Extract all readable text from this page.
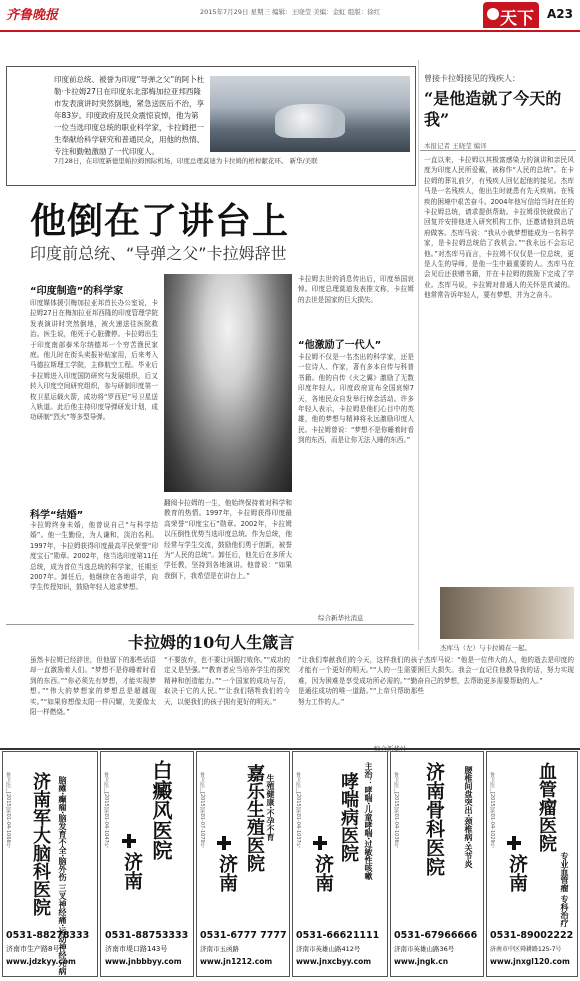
齐鲁晚报	2015年7月29日 星期三 编辑：王晓莹 美编：金虹 组版：徐红	天下 A23
印度前总统、被誉为印度“导弹之父”的阿卜杜勒·卡拉姆27日在印度东北部梅加拉亚邦西隆市发表演讲时突然倒地，紧急送医后不治，享年83岁。印度政府及民众震惊哀悼，他为第一位当选印度总统的职业科学家，卡拉姆把一生奉献给科学研究和普通民众，用他的热情、专注和勤勉激励了一代印度人。
7月28日，在印度新德里帕拉姆国际机场，印度总理莫迪为卡拉姆的棺椁献花环。 新华/美联
曾接卡拉姆接见的残疾人：
“是他造就了今天的我”
本报记者 王晓莹 编译
一直以来，卡拉姆以其极富感染力的演讲和亲民风度为印度人民所爱戴，被称作“人民的总统”。在卡拉姆的葬礼前夕，有残疾人回忆起他的接见。杰库马是一名残疾人，他出生时就患有先天疾病。在残疾的困境中艰苦奋斗。2004年他写信给当时在任的卡拉姆总统，请求提供帮助。卡拉姆很快就做出了回复并安排他进入研究机构工作，还邀请他到总统府做客。杰库马说：“我从小就梦想能成为一名科学家，是卡拉姆总统给了我机会。”“我永远不会忘记他。”对杰库马而言，卡拉姆不仅仅是一位总统，更是人生的导师，是他一生中最重要的人。杰库马在会见后还获赠书籍，并在卡拉姆的鼓励下完成了学业。杰库马说，卡拉姆对普通人的关怀是真诚的。他常常告诉年轻人，要有梦想，并为之奋斗。
杰库马（左）与卡拉姆在一起。
杰库马说：“他是一位伟大的人，他的逝去是印度的巨大损失。我会一直记住他教导我的话，努力实现自己的梦想，去帮助更多需要帮助的人。”
他倒在了讲台上
印度前总统、“导弹之父”卡拉姆辞世
“印度制造”的科学家
印度媒体援引梅加拉亚邦首长办公室说，卡拉姆27日在梅加拉亚邦西隆的印度管理学院发表演讲时突然倒地，被火速送往医院救治。医生说，他死于心脏骤停。卡拉姆出生于印度南部泰米尔纳德邦一个穷苦渔民家庭。他儿时在街头卖报补贴家用，后来考入马德拉斯理工学院，主修航空工程。毕业后卡拉姆进入印度国防研究与发展组织，后又转入印度空间研究组织，参与研制印度第一枚卫星运载火箭，成功将“罗西尼”号卫星送入轨道。此后他主持印度导弹研发计划，成功研制“烈火”等多型导弹。
科学“结婚”
卡拉姆终身未婚，他曾说自己“与科学结婚”。他一生勤俭，为人谦和，淡泊名利。1997年，卡拉姆获得印度最高平民荣誉“印度宝石”勋章。2002年，他当选印度第11任总统，成为首位当选总统的科学家，任期至2007年。卸任后，他继续在各地讲学，向学生传授知识，鼓励年轻人追求梦想。
翻阅卡拉姆的一生，他始终保持着对科学和教育的热情。1997年，卡拉姆获得印度最高荣誉“印度宝石”勋章。2002年，卡拉姆以压倒性优势当选印度总统。作为总统，他经常与学生交流，鼓励他们勇于创新，被誉为“人民的总统”。卸任后，他先后在多所大学任教，坚持到各地演讲。他曾说：“如果我倒下，我希望是在讲台上。”
卡拉姆去世的消息传出后，印度举国哀悼。印度总理莫迪发表推文称，卡拉姆的去世是国家的巨大损失。
“他激励了一代人”
卡拉姆不仅是一名杰出的科学家，还是一位诗人、作家，著有多本自传与科普书籍。他的自传《火之翼》激励了无数印度年轻人。印度政府宣布全国哀悼7天，各地民众自发举行悼念活动。许多年轻人表示，卡拉姆是他们心目中的英雄，他的梦想与精神将永远激励印度人民。卡拉姆曾说：“梦想不是你睡着时看到的东西，而是让你无法入睡的东西。”
综合新华社消息
卡拉姆的10句人生箴言
虽然卡拉姆已经辞世，但他留下的那些话语却一直激励着人们。“梦想不是你睡着时看到的东西。”“你必须先有梦想，才能实现梦想。”“伟大的梦想家的梦想总是超越现实。”“如果你想像太阳一样闪耀，先要像太阳一样燃烧。”
“不要放弃，也不要让问题打败你。”“成功的定义是坚强。”“教育者应当培养学生的探究精神和创造能力。”“一个国家的成功与否，取决于它的人民。”“让我们牺牲我们的今天，以便我们的孩子拥有更好的明天。”
“让我们奉献我们的今天，这样我们的孩子才能有一个更好的明天。”“人的一生需要困难，因为困难是享受成功所必需的。”“勤奋是通往成功的唯一道路。”“上帝只帮助那些努力工作的人。”
鲁卫医广[2015]第01-04-1066号	脑瘫·癫痫·脑发育不全·脑外伤 三叉神经痛·运动神经元病
济南军大脑科医院
0531-88278333
济南市生产路8号
www.jdzkyy.com
鲁卫医广[2015]第01-04-1047号 白癜风医院
济南
0531-88753333
济南市堤口路143号
www.jnbbbyy.com
鲁卫医广[2015]第01-07-1070号	生殖健康·不孕不育
嘉乐生殖医院
济南
0531-6777 7777
济南市玉函路
www.jn1212.com
鲁卫医广[2015]第01-04-1037号	主治：哮喘·儿童哮喘·过敏性咳嗽
哮喘病医院
济南
0531-66621111
济南市英雄山路412号
www.jnxcbyy.com
鲁卫医广[2015]第01-04-1036号	腰椎间盘突出·颈椎病·关节炎
济南骨科医院
0531-67966666
济南市英雄山路36号
www.jngk.cn
鲁卫医广[2015]第01-04-1029号
专业血管瘤 专科治疗
血管瘤医院
济南
0531-89002222
济南市中区舜耕路125-7号
www.jnxgl120.com
